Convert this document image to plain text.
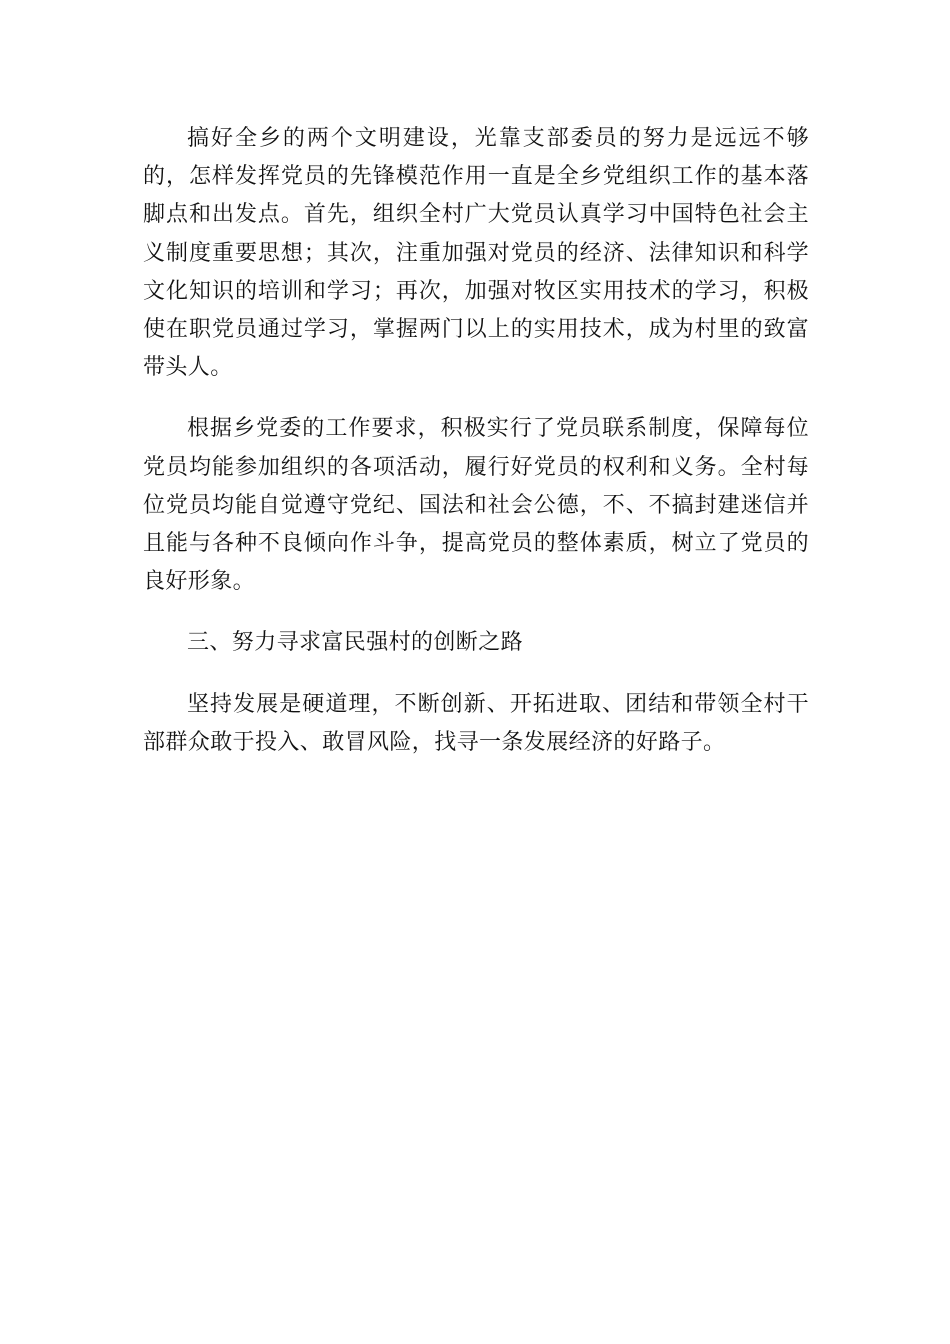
搞好全乡的两个文明建设，光靠支部委员的努力是远远不够的，怎样发挥党员的先锋模范作用一直是全乡党组织工作的基本落脚点和出发点。首先，组织全村广大党员认真学习中国特色社会主义制度重要思想；其次，注重加强对党员的经济、法律知识和科学文化知识的培训和学习；再次，加强对牧区实用技术的学习，积极使在职党员通过学习，掌握两门以上的实用技术，成为村里的致富带头人。

根据乡党委的工作要求，积极实行了党员联系制度，保障每位党员均能参加组织的各项活动，履行好党员的权利和义务。全村每位党员均能自觉遵守党纪、国法和社会公德，不、不搞封建迷信并且能与各种不良倾向作斗争，提高党员的整体素质，树立了党员的良好形象。

三、努力寻求富民强村的创断之路

坚持发展是硬道理，不断创新、开拓进取、团结和带领全村干部群众敢于投入、敢冒风险，找寻一条发展经济的好路子。
